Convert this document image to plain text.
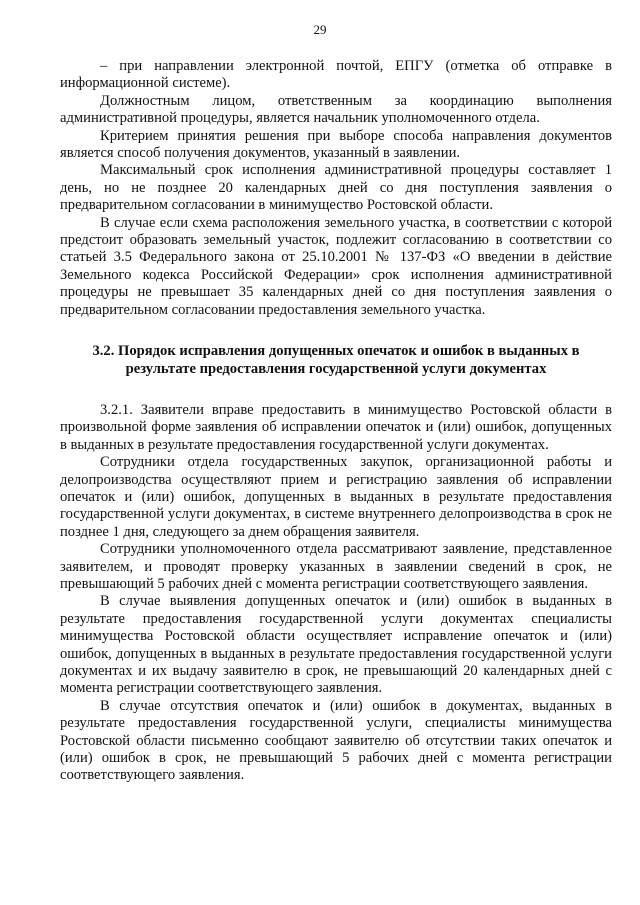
29

– при направлении электронной почтой, ЕПГУ (отметка об отправке в информационной системе).

Должностным лицом, ответственным за координацию выполнения административной процедуры, является начальник уполномоченного отдела.

Критерием принятия решения при выборе способа направления документов является способ получения документов, указанный в заявлении.

Максимальный срок исполнения административной процедуры составляет 1 день, но не позднее 20 календарных дней со дня поступления заявления о предварительном согласовании в минимущество Ростовской области.

В случае если схема расположения земельного участка, в соответствии с которой предстоит образовать земельный участок, подлежит согласованию в соответствии со статьей 3.5 Федерального закона от 25.10.2001 № 137-ФЗ «О введении в действие Земельного кодекса Российской Федерации» срок исполнения административной процедуры не превышает 35 календарных дней со дня поступления заявления о предварительном согласовании предоставления земельного участка.

3.2. Порядок исправления допущенных опечаток и ошибок в выданных в результате предоставления государственной услуги документах

3.2.1. Заявители вправе предоставить в минимущество Ростовской области в произвольной форме заявления об исправлении опечаток и (или) ошибок, допущенных в выданных в результате предоставления государственной услуги документах.

Сотрудники отдела государственных закупок, организационной работы и делопроизводства осуществляют прием и регистрацию заявления об исправлении опечаток и (или) ошибок, допущенных в выданных в результате предоставления государственной услуги документах, в системе внутреннего делопроизводства в срок не позднее 1 дня, следующего за днем обращения заявителя.

Сотрудники уполномоченного отдела рассматривают заявление, представленное заявителем, и проводят проверку указанных в заявлении сведений в срок, не превышающий 5 рабочих дней с момента регистрации соответствующего заявления.

В случае выявления допущенных опечаток и (или) ошибок в выданных в результате предоставления государственной услуги документах специалисты минимущества Ростовской области осуществляет исправление опечаток и (или) ошибок, допущенных в выданных в результате предоставления государственной услуги документах и их выдачу заявителю в срок, не превышающий 20 календарных дней с момента регистрации соответствующего заявления.

В случае отсутствия опечаток и (или) ошибок в документах, выданных в результате предоставления государственной услуги, специалисты минимущества Ростовской области письменно сообщают заявителю об отсутствии таких опечаток и (или) ошибок в срок, не превышающий 5 рабочих дней с момента регистрации соответствующего заявления.
